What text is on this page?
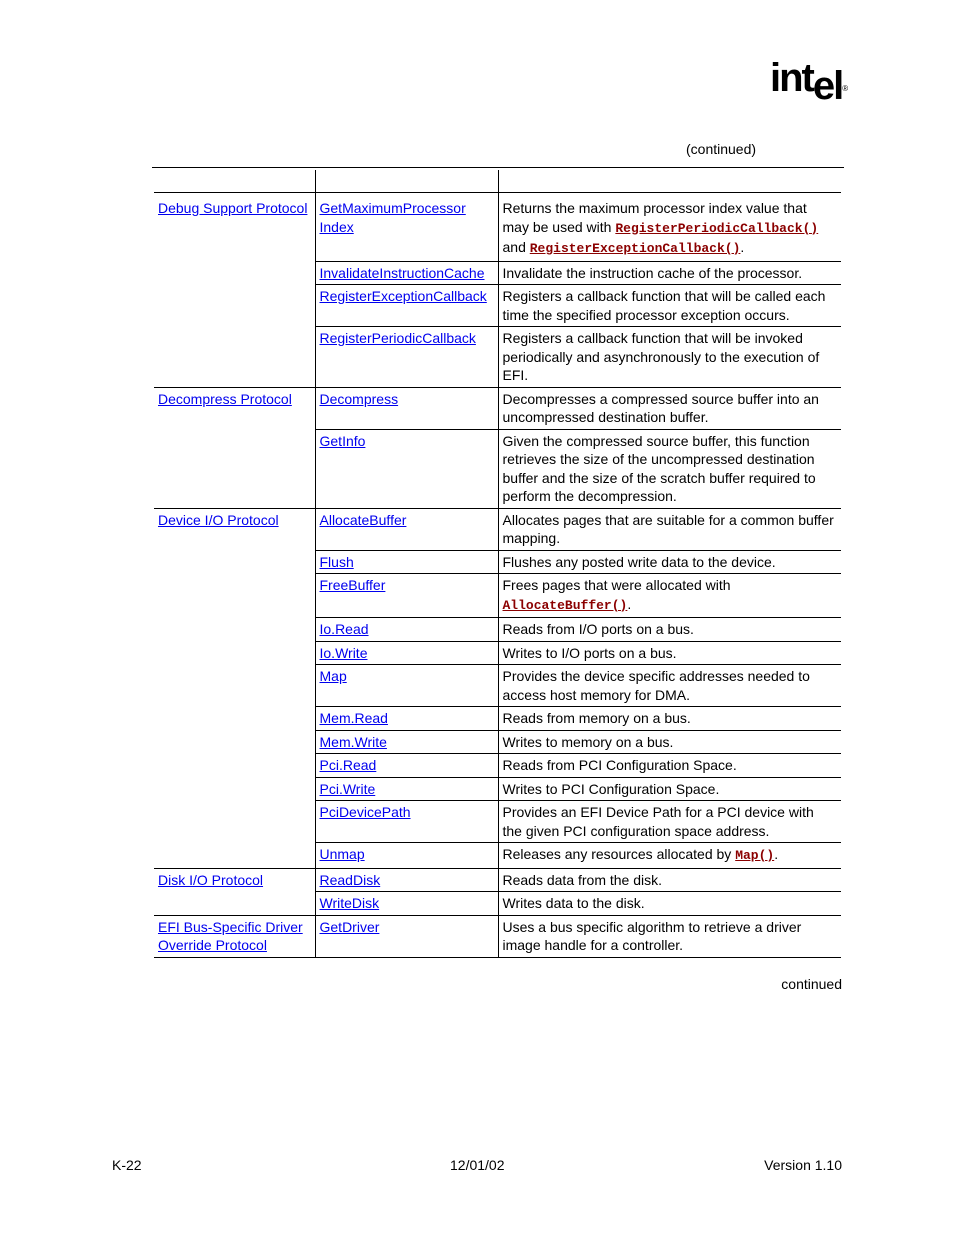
intel®
(continued)

Debug Support Protocol	GetMaximumProcessor Index	Returns the maximum processor index value that may be used with RegisterPeriodicCallback() and RegisterExceptionCallback().
	InvalidateInstructionCache	Invalidate the instruction cache of the processor.
	RegisterExceptionCallback	Registers a callback function that will be called each time the specified processor exception occurs.
	RegisterPeriodicCallback	Registers a callback function that will be invoked periodically and asynchronously to the execution of EFI.
Decompress Protocol	Decompress	Decompresses a compressed source buffer into an uncompressed destination buffer.
	GetInfo	Given the compressed source buffer, this function retrieves the size of the uncompressed destination buffer and the size of the scratch buffer required to perform the decompression.
Device I/O Protocol	AllocateBuffer	Allocates pages that are suitable for a common buffer mapping.
	Flush	Flushes any posted write data to the device.
	FreeBuffer	Frees pages that were allocated with AllocateBuffer().
	Io.Read	Reads from I/O ports on a bus.
	Io.Write	Writes to I/O ports on a bus.
	Map	Provides the device specific addresses needed to access host memory for DMA.
	Mem.Read	Reads from memory on a bus.
	Mem.Write	Writes to memory on a bus.
	Pci.Read	Reads from PCI Configuration Space.
	Pci.Write	Writes to PCI Configuration Space.
	PciDevicePath	Provides an EFI Device Path for a PCI device with the given PCI configuration space address.
	Unmap	Releases any resources allocated by Map().
Disk I/O Protocol	ReadDisk	Reads data from the disk.
	WriteDisk	Writes data to the disk.
EFI Bus-Specific Driver Override Protocol	GetDriver	Uses a bus specific algorithm to retrieve a driver image handle for a controller.
continued
K-22	12/01/02	Version 1.10
